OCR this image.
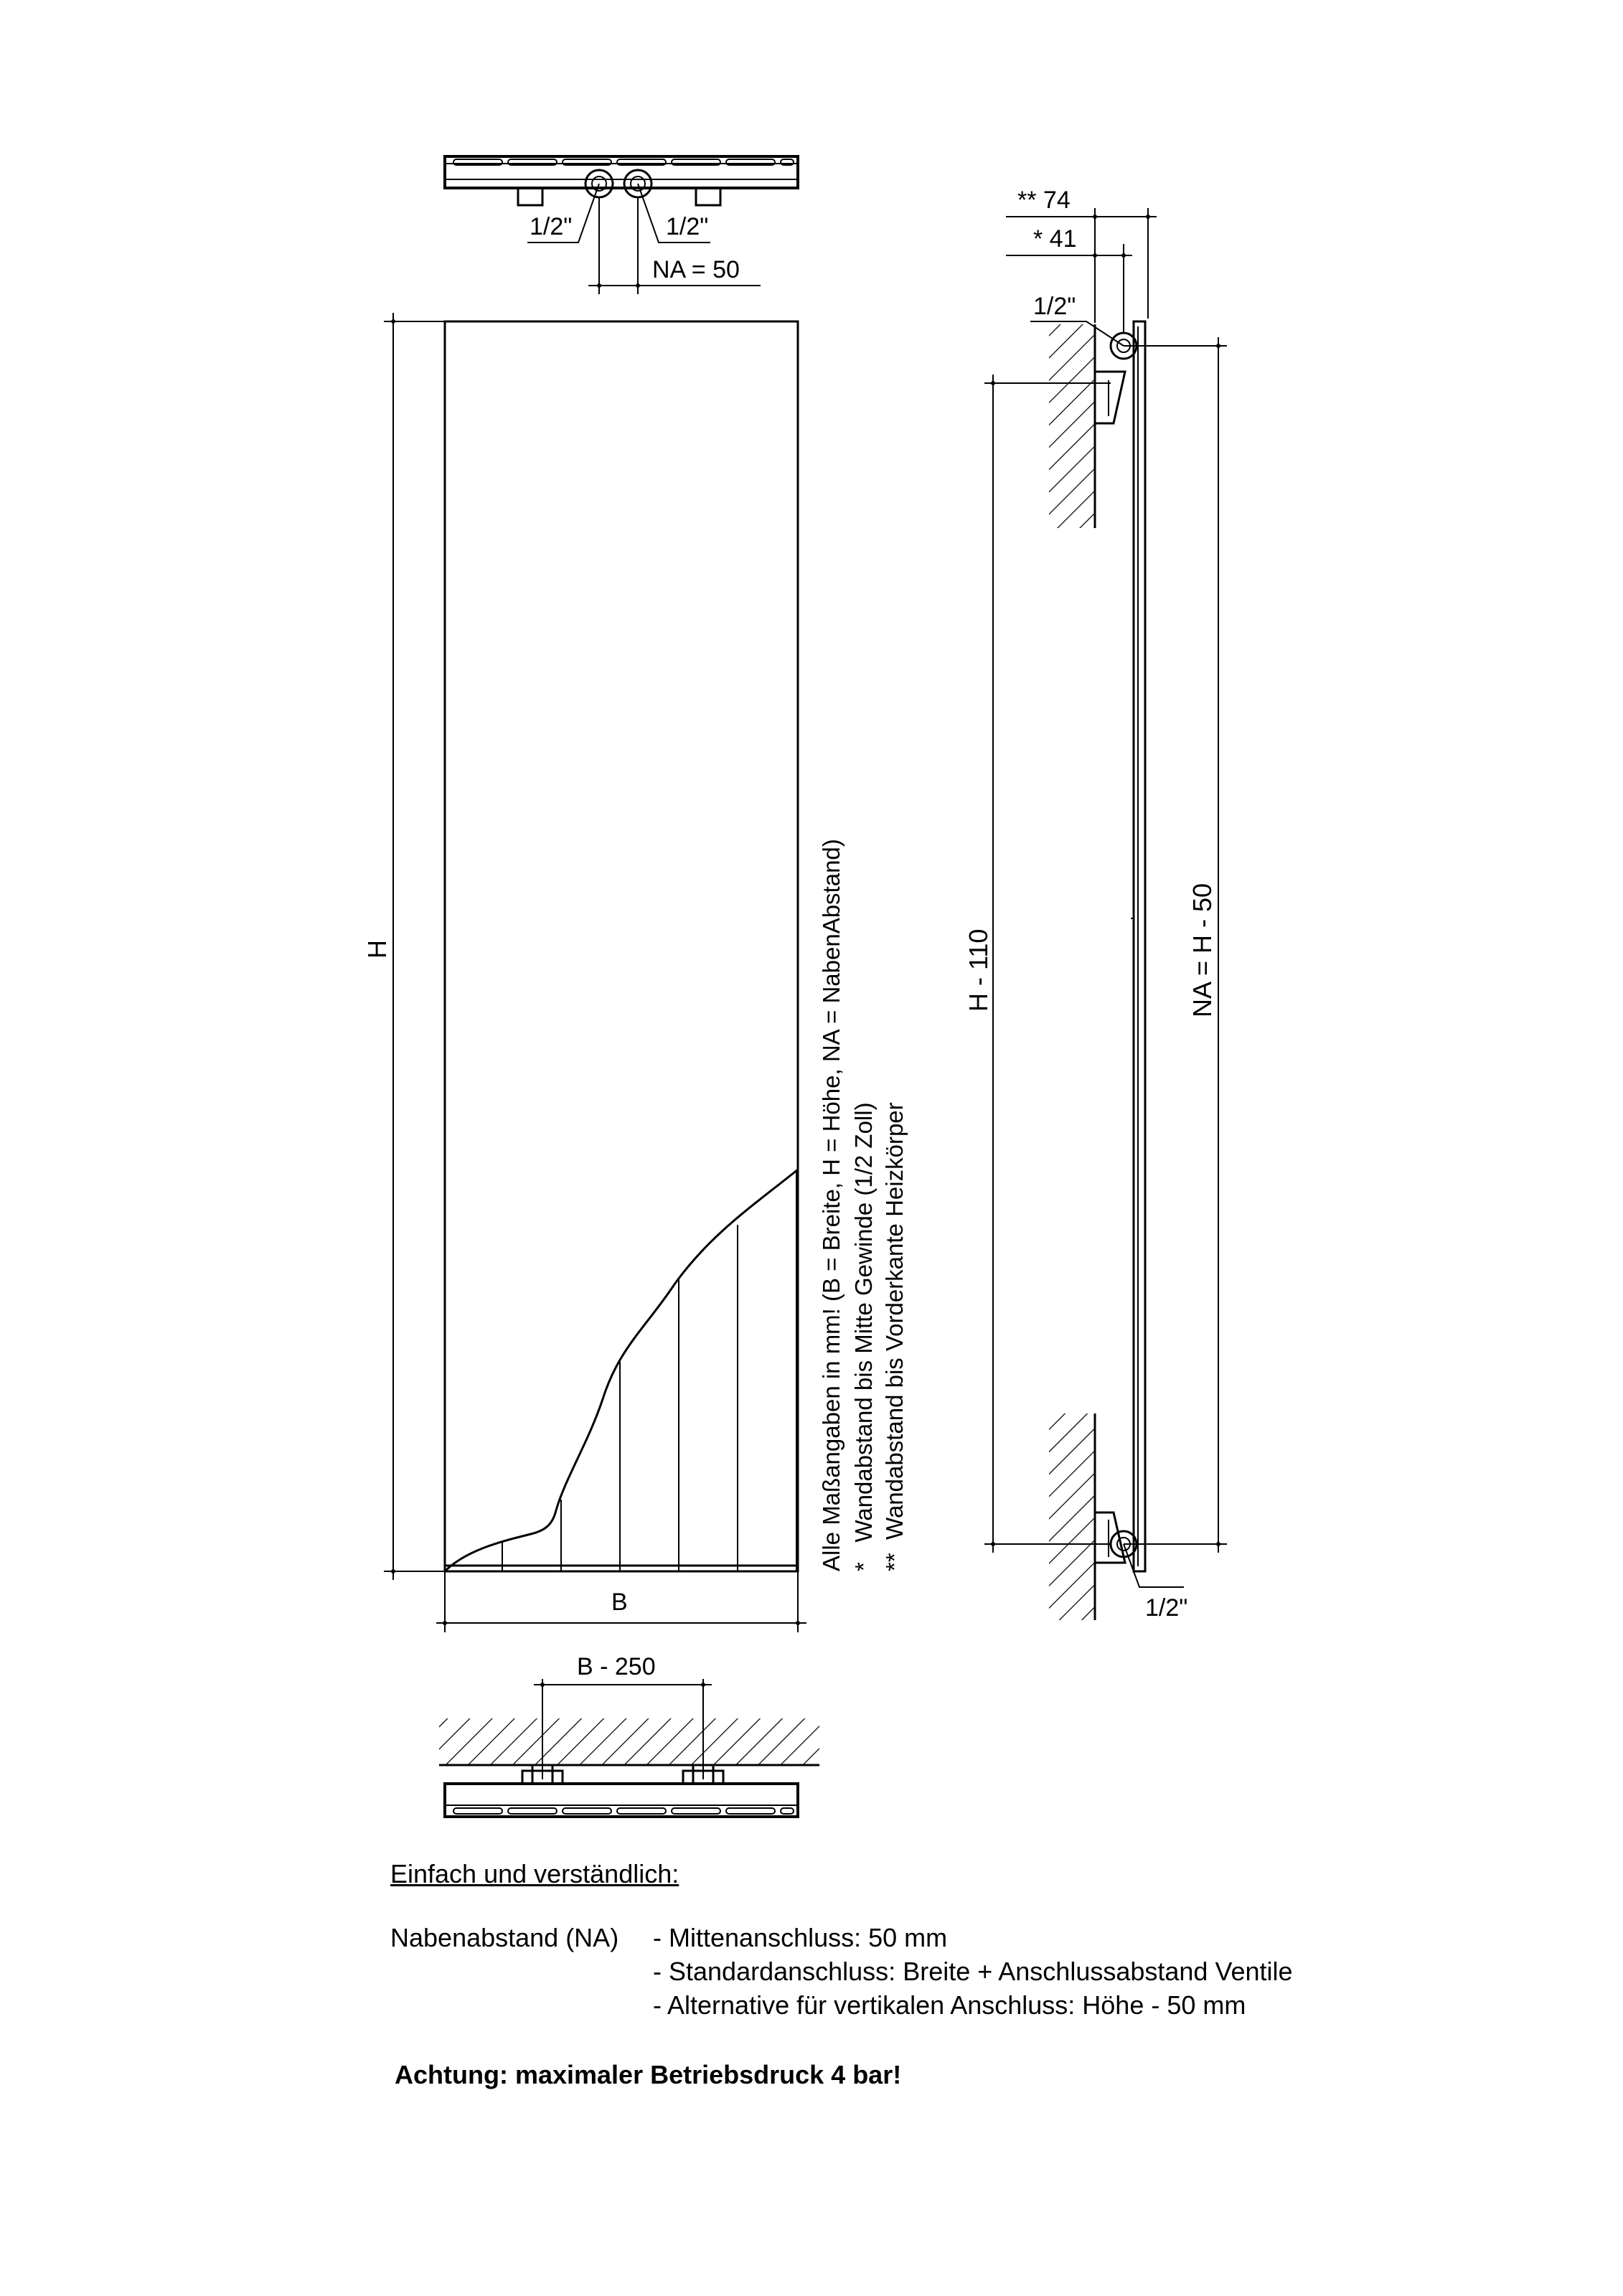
1/2"	1/2"
NA = 50
H
B
Alle Maßangaben in mm! (B = Breite, H = Höhe, NA = NabenAbstand) *   Wandabstand bis Mitte Gewinde (1/2 Zoll) **  Wandabstand bis Vorderkante Heizkörper
B - 250
** 74
* 41
1/2"
1/2"
H - 110	NA = H - 50
Einfach und verständlich:
Nabenabstand (NA)	- Mittenanschluss: 50 mm
- Standardanschluss: Breite + Anschlussabstand Ventile
- Alternative für vertikalen Anschluss: Höhe - 50 mm
Achtung: maximaler Betriebsdruck 4 bar!
